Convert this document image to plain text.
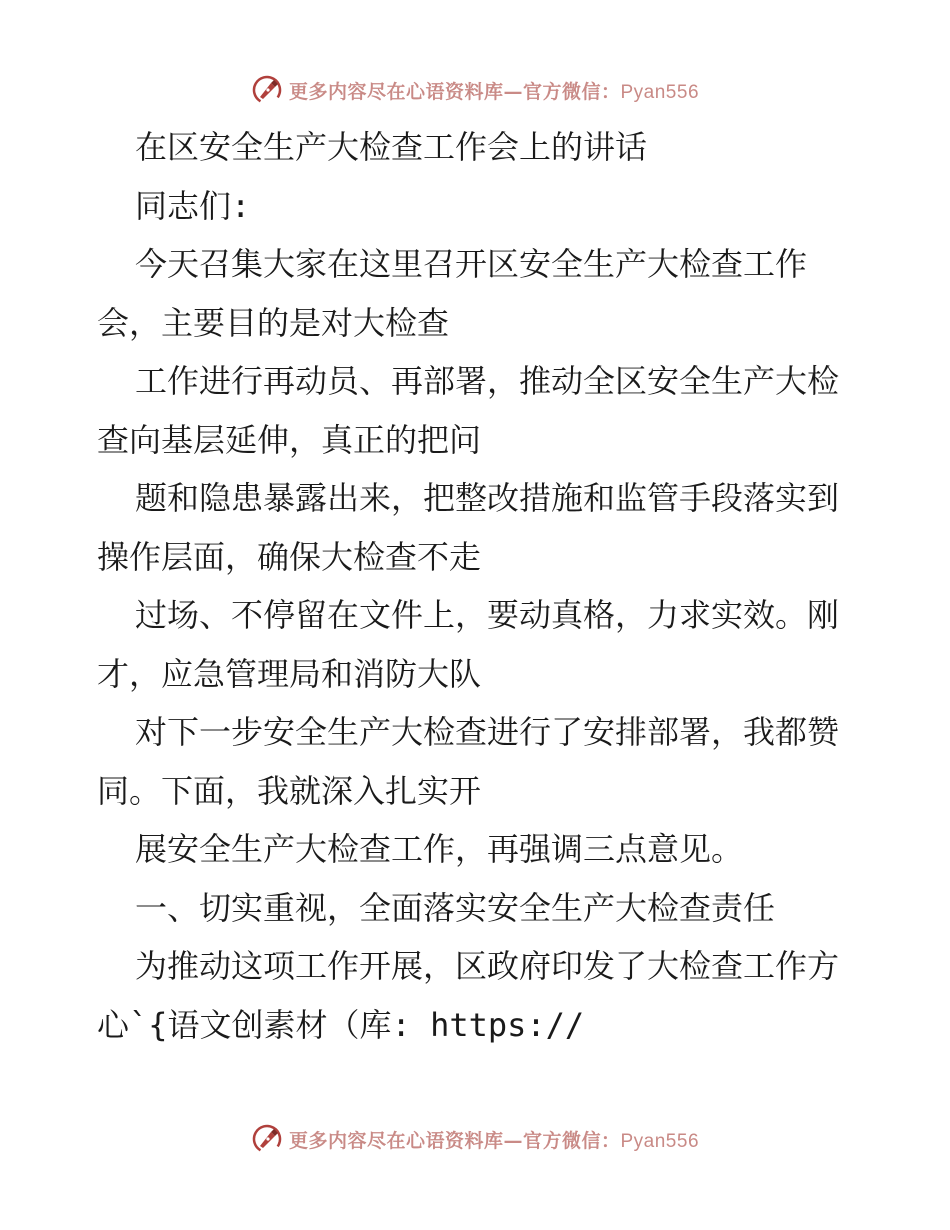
更多内容尽在心语资料库—官方微信：Pyan556

在区安全生产大检查工作会上的讲话

同志们:

今天召集大家在这里召开区安全生产大检查工作会，主要目的是对大检查

工作进行再动员、再部署，推动全区安全生产大检查向基层延伸，真正的把问

题和隐患暴露出来，把整改措施和监管手段落实到操作层面，确保大检查不走

过场、不停留在文件上，要动真格，力求实效。刚才，应急管理局和消防大队

对下一步安全生产大检查进行了安排部署，我都赞同。下面，我就深入扎实开

展安全生产大检查工作，再强调三点意见。

一、切实重视，全面落实安全生产大检查责任

为推动这项工作开展，区政府印发了大检查工作方心`{语文创素材（库: https://

更多内容尽在心语资料库—官方微信：Pyan556
